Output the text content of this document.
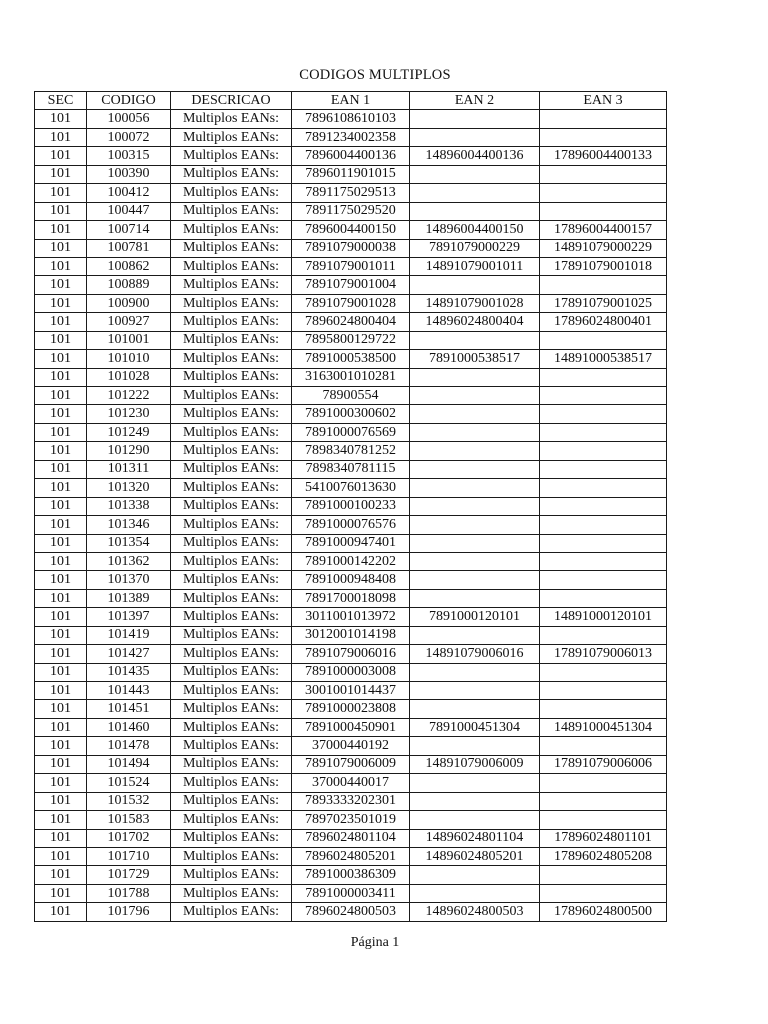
CODIGOS MULTIPLOS
SEC	CODIGO	DESCRICAO	EAN 1	EAN 2	EAN 3
101	100056	Multiplos EANs:	7896108610103		
101	100072	Multiplos EANs:	7891234002358		
101	100315	Multiplos EANs:	7896004400136	14896004400136	17896004400133
101	100390	Multiplos EANs:	7896011901015		
101	100412	Multiplos EANs:	7891175029513		
101	100447	Multiplos EANs:	7891175029520		
101	100714	Multiplos EANs:	7896004400150	14896004400150	17896004400157
101	100781	Multiplos EANs:	7891079000038	7891079000229	14891079000229
101	100862	Multiplos EANs:	7891079001011	14891079001011	17891079001018
101	100889	Multiplos EANs:	7891079001004		
101	100900	Multiplos EANs:	7891079001028	14891079001028	17891079001025
101	100927	Multiplos EANs:	7896024800404	14896024800404	17896024800401
101	101001	Multiplos EANs:	7895800129722		
101	101010	Multiplos EANs:	7891000538500	7891000538517	14891000538517
101	101028	Multiplos EANs:	3163001010281		
101	101222	Multiplos EANs:	78900554		
101	101230	Multiplos EANs:	7891000300602		
101	101249	Multiplos EANs:	7891000076569		
101	101290	Multiplos EANs:	7898340781252		
101	101311	Multiplos EANs:	7898340781115		
101	101320	Multiplos EANs:	5410076013630		
101	101338	Multiplos EANs:	7891000100233		
101	101346	Multiplos EANs:	7891000076576		
101	101354	Multiplos EANs:	7891000947401		
101	101362	Multiplos EANs:	7891000142202		
101	101370	Multiplos EANs:	7891000948408		
101	101389	Multiplos EANs:	7891700018098		
101	101397	Multiplos EANs:	3011001013972	7891000120101	14891000120101
101	101419	Multiplos EANs:	3012001014198		
101	101427	Multiplos EANs:	7891079006016	14891079006016	17891079006013
101	101435	Multiplos EANs:	7891000003008		
101	101443	Multiplos EANs:	3001001014437		
101	101451	Multiplos EANs:	7891000023808		
101	101460	Multiplos EANs:	7891000450901	7891000451304	14891000451304
101	101478	Multiplos EANs:	37000440192		
101	101494	Multiplos EANs:	7891079006009	14891079006009	17891079006006
101	101524	Multiplos EANs:	37000440017		
101	101532	Multiplos EANs:	7893333202301		
101	101583	Multiplos EANs:	7897023501019		
101	101702	Multiplos EANs:	7896024801104	14896024801104	17896024801101
101	101710	Multiplos EANs:	7896024805201	14896024805201	17896024805208
101	101729	Multiplos EANs:	7891000386309		
101	101788	Multiplos EANs:	7891000003411		
101	101796	Multiplos EANs:	7896024800503	14896024800503	17896024800500
Página 1
